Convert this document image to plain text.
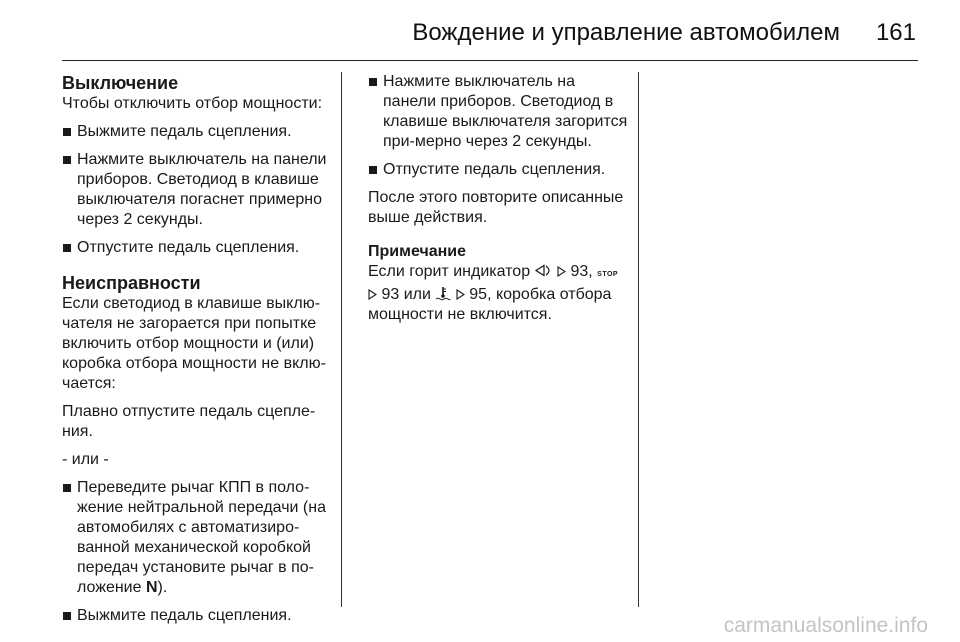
Вождение и управление автомобилем 161
Выключение

Чтобы отключить отбор мощности:

Выжмите педаль сцепления.
Нажмите выключатель на панели приборов. Светодиод в клавише выключателя погаснет примерно через 2 секунды.
Отпустите педаль сцепления.
Неисправности

Если светодиод в клавише выклю-чателя не загорается при попытке включить отбор мощности и (или) коробка отбора мощности не вклю-чается:

Плавно отпустите педаль сцепле-ния.

- или -

Переведите рычаг КПП в поло-жение нейтральной передачи (на автомобилях с автоматизиро-ванной механической коробкой передач установите рычаг в по-ложение N).
Выжмите педаль сцепления.
Нажмите выключатель на панели приборов. Светодиод в клавише выключателя загорится при-мерно через 2 секунды.
Отпустите педаль сцепления.

После этого повторите описанные выше действия.

Примечание
Если горит индикатор	93, STOP
93 или 95, коробка отбора мощности не включится.
carmanualsonline.info
